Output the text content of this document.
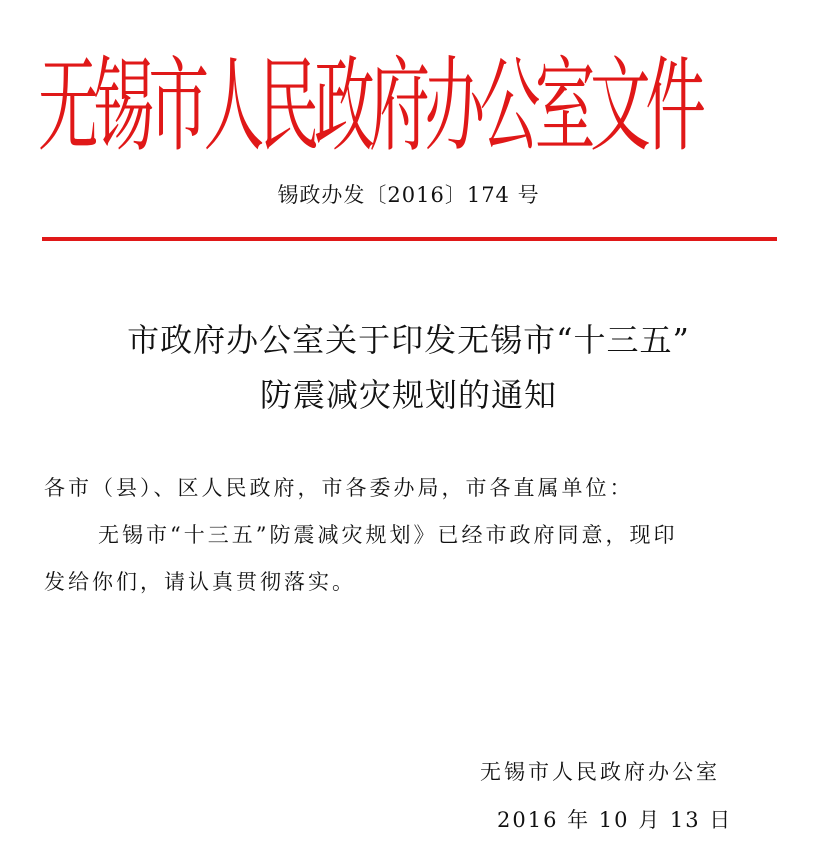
无锡市人民政府办公室文件
锡政办发〔2016〕174 号
市政府办公室关于印发无锡市“十三五”
防震减灾规划的通知
各市（县）、区人民政府，市各委办局，市各直属单位：
无锡市“十三五”防震减灾规划》已经市政府同意，现印
发给你们，请认真贯彻落实。
无锡市人民政府办公室
2016 年 10 月 13 日
